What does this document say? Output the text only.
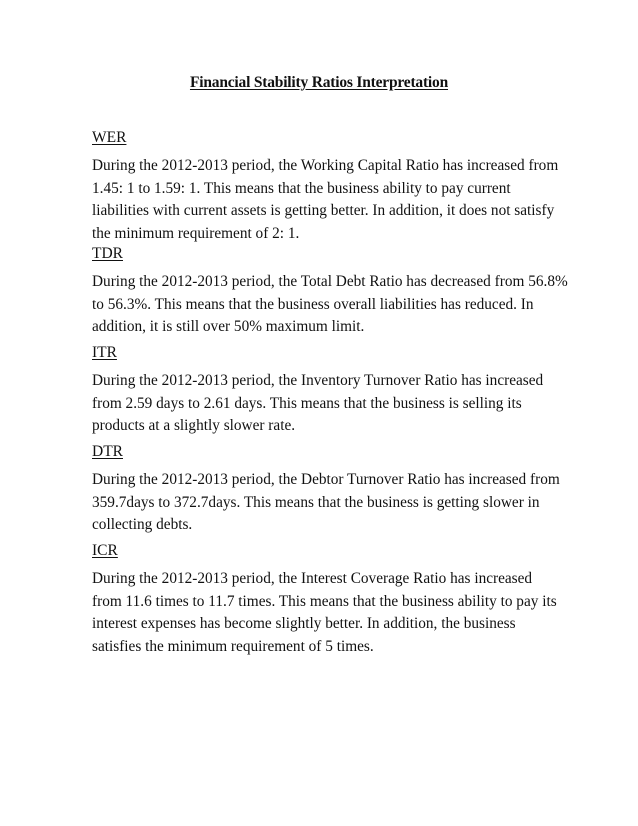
Financial Stability Ratios Interpretation
WER
During the 2012-2013 period, the Working Capital Ratio has increased from
1.45: 1 to 1.59: 1. This means that the business ability to pay current
liabilities with current assets is getting better. In addition, it does not satisfy
the minimum requirement of 2: 1.
TDR
During the 2012-2013 period, the Total Debt Ratio has decreased from 56.8%
to 56.3%. This means that the business overall liabilities has reduced. In
addition, it is still over 50% maximum limit.
ITR
During the 2012-2013 period, the Inventory Turnover Ratio has increased
from 2.59 days to 2.61 days. This means that the business is selling its
products at a slightly slower rate.
DTR
During the 2012-2013 period, the Debtor Turnover Ratio has increased from
359.7days to 372.7days. This means that the business is getting slower in
collecting debts.
ICR
During the 2012-2013 period, the Interest Coverage Ratio has increased
from 11.6 times to 11.7 times. This means that the business ability to pay its
interest expenses has become slightly better. In addition, the business
satisfies the minimum requirement of 5 times.
